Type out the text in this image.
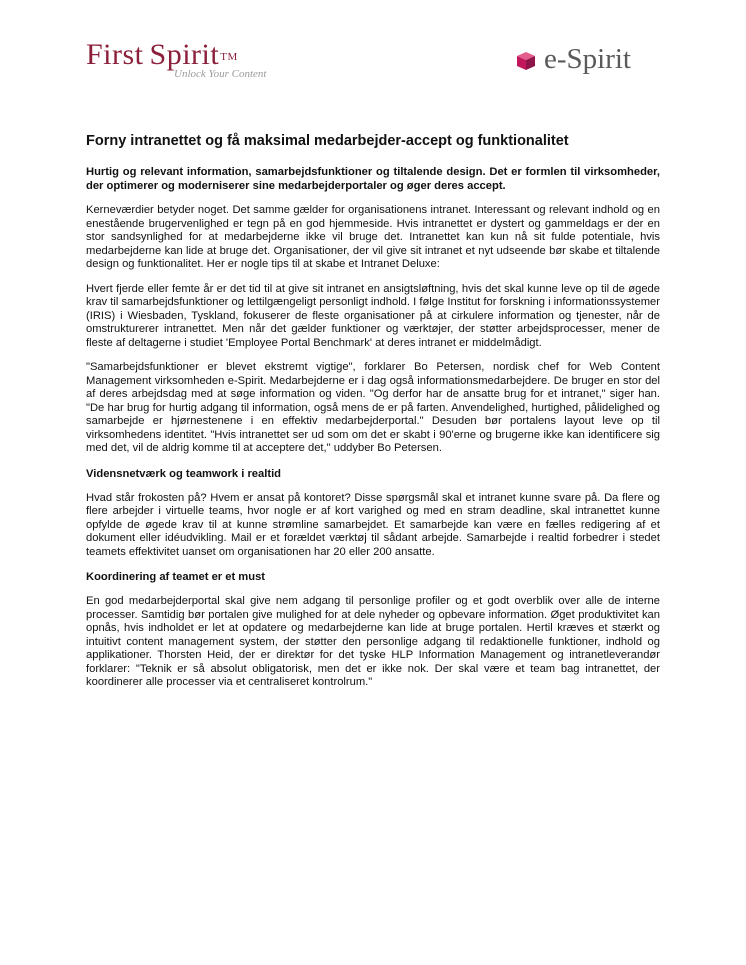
First Spirit™
Unlock Your Content	e-Spirit
Forny intranettet og få maksimal medarbejder-accept og funktionalitet

Hurtig og relevant information, samarbejdsfunktioner og tiltalende design. Det er formlen til virksomheder, der optimerer og moderniserer sine medarbejderportaler og øger deres accept.

Kerneværdier betyder noget. Det samme gælder for organisationens intranet. Interessant og relevant indhold og en enestående brugervenlighed er tegn på en god hjemmeside. Hvis intranettet er dystert og gammeldags er der en stor sandsynlighed for at medarbejderne ikke vil bruge det. Intranettet kan kun nå sit fulde potentiale, hvis medarbejderne kan lide at bruge det. Organisationer, der vil give sit intranet et nyt udseende bør skabe et tiltalende design og funktionalitet. Her er nogle tips til at skabe et Intranet Deluxe:

Hvert fjerde eller femte år er det tid til at give sit intranet en ansigtsløftning, hvis det skal kunne leve op til de øgede krav til samarbejdsfunktioner og lettilgængeligt personligt indhold. I følge Institut for forskning i informationssystemer (IRIS) i Wiesbaden, Tyskland, fokuserer de fleste organisationer på at cirkulere information og tjenester, når de omstrukturerer intranettet. Men når det gælder funktioner og værktøjer, der støtter arbejdsprocesser, mener de fleste af deltagerne i studiet 'Employee Portal Benchmark' at deres intranet er middelmådigt.

"Samarbejdsfunktioner er blevet ekstremt vigtige", forklarer Bo Petersen, nordisk chef for Web Content Management virksomheden e-Spirit. Medarbejderne er i dag også informationsmedarbejdere. De bruger en stor del af deres arbejdsdag med at søge information og viden. "Og derfor har de ansatte brug for et intranet," siger han. "De har brug for hurtig adgang til information, også mens de er på farten. Anvendelighed, hurtighed, pålidelighed og samarbejde er hjørnestenene i en effektiv medarbejderportal." Desuden bør portalens layout leve op til virksomhedens identitet. "Hvis intranettet ser ud som om det er skabt i 90'erne og brugerne ikke kan identificere sig med det, vil de aldrig komme til at acceptere det," uddyber Bo Petersen.

Vidensnetværk og teamwork i realtid

Hvad står frokosten på? Hvem er ansat på kontoret? Disse spørgsmål skal et intranet kunne svare på. Da flere og flere arbejder i virtuelle teams, hvor nogle er af kort varighed og med en stram deadline, skal intranettet kunne opfylde de øgede krav til at kunne strømline samarbejdet. Et samarbejde kan være en fælles redigering af et dokument eller idéudvikling. Mail er et forældet værktøj til sådant arbejde. Samarbejde i realtid forbedrer i stedet teamets effektivitet uanset om organisationen har 20 eller 200 ansatte.

Koordinering af teamet er et must

En god medarbejderportal skal give nem adgang til personlige profiler og et godt overblik over alle de interne processer. Samtidig bør portalen give mulighed for at dele nyheder og opbevare information. Øget produktivitet kan opnås, hvis indholdet er let at opdatere og medarbejderne kan lide at bruge portalen. Hertil kræves et stærkt og intuitivt content management system, der støtter den personlige adgang til redaktionelle funktioner, indhold og applikationer. Thorsten Heid, der er direktør for det tyske HLP Information Management og intranetleverandør forklarer: "Teknik er så absolut obligatorisk, men det er ikke nok. Der skal være et team bag intranettet, der koordinerer alle processer via et centraliseret kontrolrum."
